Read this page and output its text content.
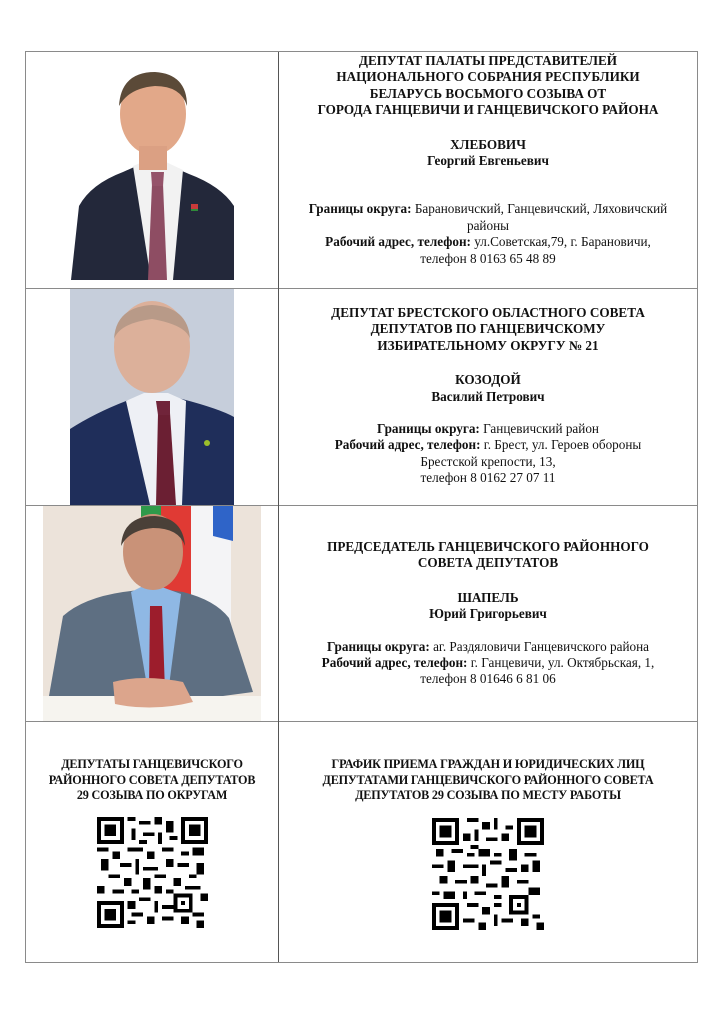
ДЕПУТАТ ПАЛАТЫ ПРЕДСТАВИТЕЛЕЙ
НАЦИОНАЛЬНОГО СОБРАНИЯ РЕСПУБЛИКИ
БЕЛАРУСЬ ВОСЬМОГО СОЗЫВА ОТ
ГОРОДА ГАНЦЕВИЧИ И ГАНЦЕВИЧСКОГО РАЙОНА
ХЛЕБОВИЧ
Георгий Евгеньевич
Границы округа: Барановичский, Ганцевичский, Ляховичский
районы
Рабочий адрес, телефон: ул.Советская,79, г. Барановичи,
телефон 8 0163 65 48 89
ДЕПУТАТ БРЕСТСКОГО ОБЛАСТНОГО СОВЕТА
ДЕПУТАТОВ ПО ГАНЦЕВИЧСКОМУ
ИЗБИРАТЕЛЬНОМУ ОКРУГУ № 21
КОЗОДОЙ
Василий Петрович
Границы округа: Ганцевичский район
Рабочий адрес, телефон: г. Брест, ул. Героев обороны
Брестской крепости, 13,
телефон 8 0162 27 07 11
ПРЕДСЕДАТЕЛЬ ГАНЦЕВИЧСКОГО РАЙОННОГО
СОВЕТА ДЕПУТАТОВ
ШАПЕЛЬ
Юрий Григорьевич
Границы округа: аг. Раздяловичи Ганцевичского района
Рабочий адрес, телефон: г. Ганцевичи, ул. Октябрьская, 1,
телефон 8 01646 6 81 06
ДЕПУТАТЫ ГАНЦЕВИЧСКОГО
РАЙОННОГО СОВЕТА ДЕПУТАТОВ
29 СОЗЫВА ПО ОКРУГАМ
ГРАФИК ПРИЕМА ГРАЖДАН И ЮРИДИЧЕСКИХ ЛИЦ
ДЕПУТАТАМИ ГАНЦЕВИЧСКОГО РАЙОННОГО СОВЕТА
ДЕПУТАТОВ 29 СОЗЫВА ПО МЕСТУ РАБОТЫ
